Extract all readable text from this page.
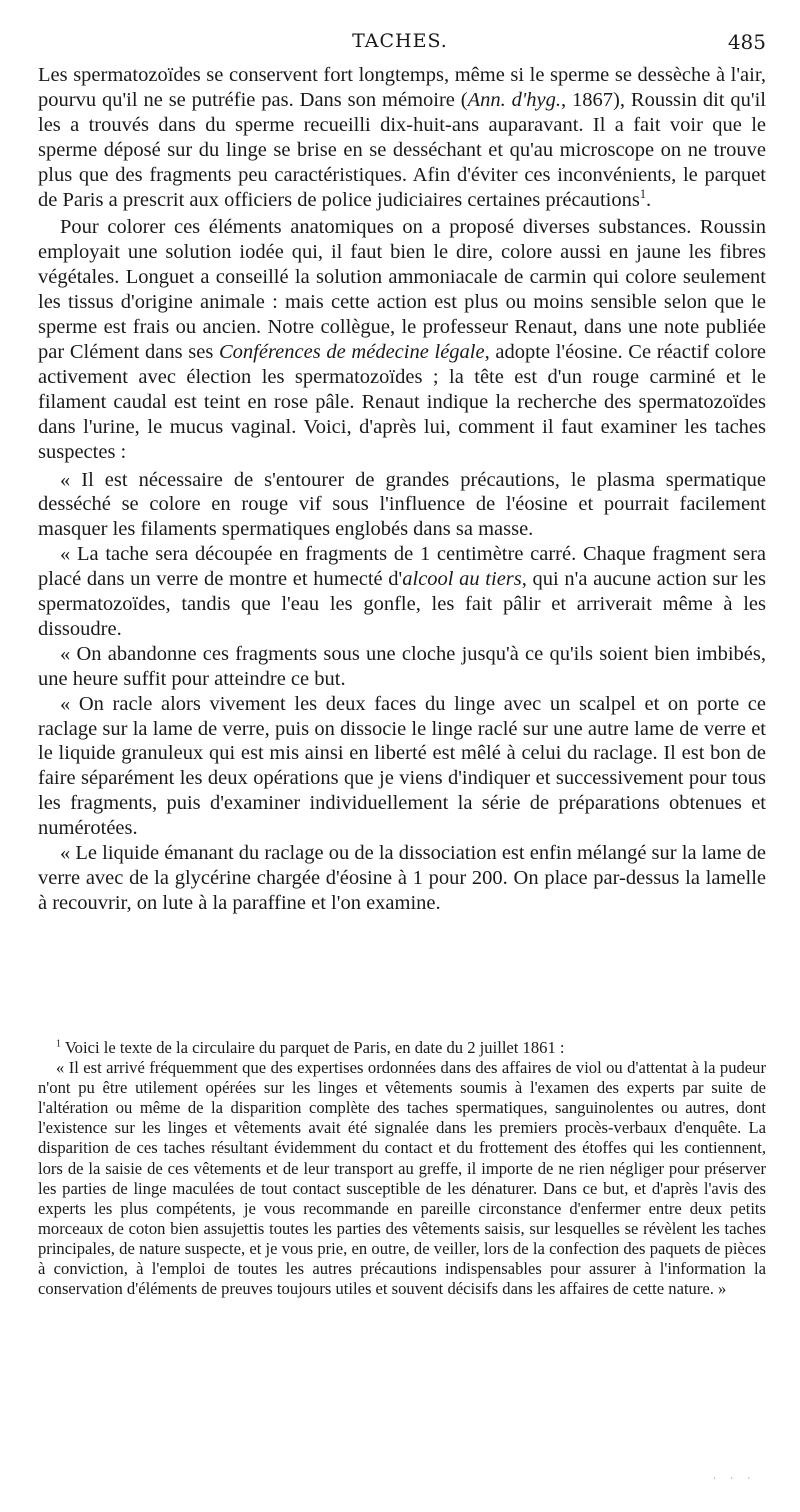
TACHES.	485

Les spermatozoïdes se conservent fort longtemps, même si le sperme se dessèche à l'air, pourvu qu'il ne se putréfie pas. Dans son mémoire (Ann. d'hyg., 1867), Roussin dit qu'il les a trouvés dans du sperme recueilli dix-huit-ans auparavant. Il a fait voir que le sperme déposé sur du linge se brise en se desséchant et qu'au microscope on ne trouve plus que des fragments peu caractéristiques. Afin d'éviter ces inconvénients, le parquet de Paris a prescrit aux officiers de police judiciaires certaines précautions$^1$.

Pour colorer ces éléments anatomiques on a proposé diverses substances. Roussin employait une solution iodée qui, il faut bien le dire, colore aussi en jaune les fibres végétales. Longuet a conseillé la solution ammoniacale de carmin qui colore seulement les tissus d'origine animale : mais cette action est plus ou moins sensible selon que le sperme est frais ou ancien. Notre collègue, le professeur Renaut, dans une note publiée par Clément dans ses Conférences de médecine légale, adopte l'éosine. Ce réactif colore activement avec élection les spermatozoïdes ; la tête est d'un rouge carminé et le filament caudal est teint en rose pâle. Renaut indique la recherche des spermatozoïdes dans l'urine, le mucus vaginal. Voici, d'après lui, comment il faut examiner les taches suspectes :

« Il est nécessaire de s'entourer de grandes précautions, le plasma spermatique desséché se colore en rouge vif sous l'influence de l'éosine et pourrait facilement masquer les filaments spermatiques englobés dans sa masse.

« La tache sera découpée en fragments de 1 centimètre carré. Chaque fragment sera placé dans un verre de montre et humecté d'alcool au tiers, qui n'a aucune action sur les spermatozoïdes, tandis que l'eau les gonfle, les fait pâlir et arriverait même à les dissoudre.

« On abandonne ces fragments sous une cloche jusqu'à ce qu'ils soient bien imbibés, une heure suffit pour atteindre ce but.

« On racle alors vivement les deux faces du linge avec un scalpel et on porte ce raclage sur la lame de verre, puis on dissocie le linge raclé sur une autre lame de verre et le liquide granuleux qui est mis ainsi en liberté est mêlé à celui du raclage. Il est bon de faire séparément les deux opérations que je viens d'indiquer et successivement pour tous les fragments, puis d'examiner individuellement la série de préparations obtenues et numérotées.

« Le liquide émanant du raclage ou de la dissociation est enfin mélangé sur la lame de verre avec de la glycérine chargée d'éosine à 1 pour 200. On place par-dessus la lamelle à recouvrir, on lute à la paraffine et l'on examine.

$^1$ Voici le texte de la circulaire du parquet de Paris, en date du 2 juillet 1861 :

« Il est arrivé fréquemment que des expertises ordonnées dans des affaires de viol ou d'attentat à la pudeur n'ont pu être utilement opérées sur les linges et vêtements soumis à l'examen des experts par suite de l'altération ou même de la disparition complète des taches spermatiques, sanguinolentes ou autres, dont l'existence sur les linges et vêtements avait été signalée dans les premiers procès-verbaux d'enquête. La disparition de ces taches résultant évidemment du contact et du frottement des étoffes qui les contiennent, lors de la saisie de ces vêtements et de leur transport au greffe, il importe de ne rien négliger pour préserver les parties de linge maculées de tout contact susceptible de les dénaturer. Dans ce but, et d'après l'avis des experts les plus compétents, je vous recommande en pareille circonstance d'enfermer entre deux petits morceaux de coton bien assujettis toutes les parties des vêtements saisis, sur lesquelles se révèlent les taches principales, de nature suspecte, et je vous prie, en outre, de veiller, lors de la confection des paquets de pièces à conviction, à l'emploi de toutes les autres précautions indispensables pour assurer à l'information la conservation d'éléments de preuves toujours utiles et souvent décisifs dans les affaires de cette nature. »

· · ·
